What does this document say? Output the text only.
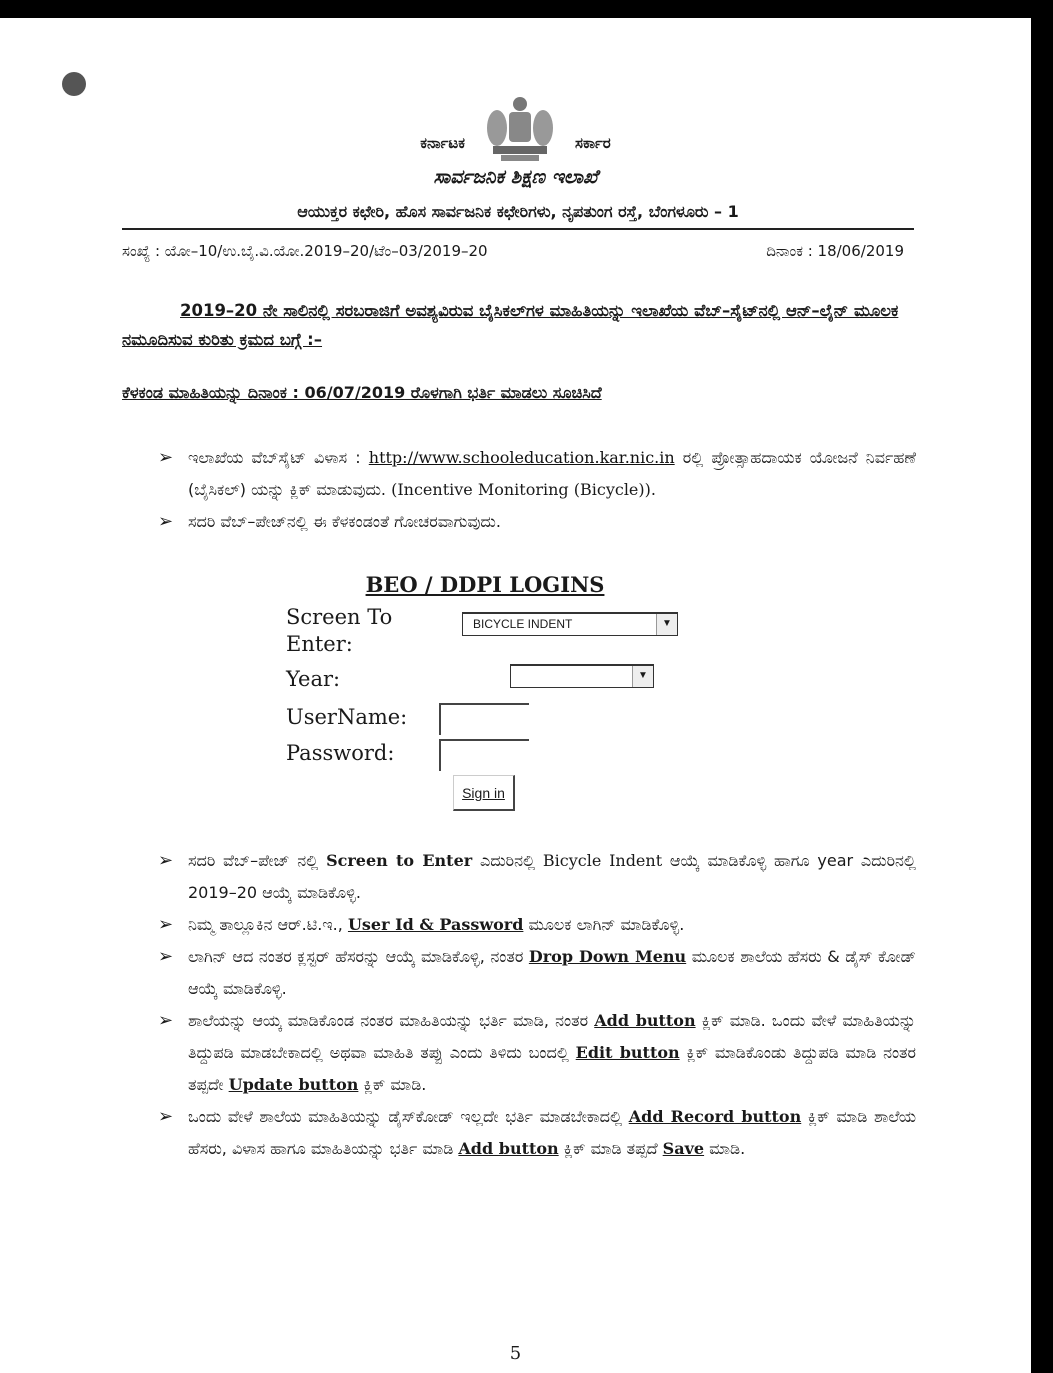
ಕರ್ನಾಟಕ	ಸರ್ಕಾರ
ಸಾರ್ವಜನಿಕ ಶಿಕ್ಷಣ ಇಲಾಖೆ
ಆಯುಕ್ತರ ಕಛೇರಿ, ಹೊಸ ಸಾರ್ವಜನಿಕ ಕಛೇರಿಗಳು, ನೃಪತುಂಗ ರಸ್ತೆ, ಬೆಂಗಳೂರು – 1
ಸಂಖ್ಯೆ : ಯೋ–10/ಉ.ಬೈ.ವಿ.ಯೋ.2019–20/ಟೆಂ–03/2019–20	ದಿನಾಂಕ : 18/06/2019
2019–20 ನೇ ಸಾಲಿನಲ್ಲಿ ಸರಬರಾಜಿಗೆ ಅವಶ್ಯವಿರುವ ಬೈಸಿಕಲ್‌ಗಳ ಮಾಹಿತಿಯನ್ನು ಇಲಾಖೆಯ ವೆಬ್–ಸೈಟ್‌ನಲ್ಲಿ ಆನ್–ಲೈನ್ ಮೂಲಕ ನಮೂದಿಸುವ ಕುರಿತು ಕ್ರಮದ ಬಗ್ಗೆ :–
ಕೆಳಕಂಡ ಮಾಹಿತಿಯನ್ನು ದಿನಾಂಕ : 06/07/2019 ರೊಳಗಾಗಿ ಭರ್ತಿ ಮಾಡಲು ಸೂಚಿಸಿದೆ
➢ ಇಲಾಖೆಯ ವೆಬ್‌ಸೈಟ್ ವಿಳಾಸ : http://www.schooleducation.kar.nic.in ರಲ್ಲಿ ಪ್ರೋತ್ಸಾಹದಾಯಕ ಯೋಜನೆ ನಿರ್ವಹಣೆ (ಬೈಸಿಕಲ್) ಯನ್ನು ಕ್ಲಿಕ್ ಮಾಡುವುದು. (Incentive Monitoring (Bicycle)).
➢ ಸದರಿ ವೆಬ್–ಪೇಜ್‌ನಲ್ಲಿ ಈ ಕೆಳಕಂಡಂತೆ ಗೋಚರವಾಗುವುದು.
BEO / DDPI LOGINS
Screen To Enter:
BICYCLE INDENT	▼
Year:	▼
UserName:
Password:
Sign in
➢ ಸದರಿ ವೆಬ್–ಪೇಜ್ ನಲ್ಲಿ Screen to Enter ಎದುರಿನಲ್ಲಿ Bicycle Indent ಆಯ್ಕೆ ಮಾಡಿಕೊಳ್ಳಿ ಹಾಗೂ year ಎದುರಿನಲ್ಲಿ 2019–20 ಆಯ್ಕೆ ಮಾಡಿಕೊಳ್ಳಿ.
➢ ನಿಮ್ಮ ತಾಲ್ಲೂಕಿನ ಆರ್.ಟಿ.ಇ., User Id & Password ಮೂಲಕ ಲಾಗಿನ್ ಮಾಡಿಕೊಳ್ಳಿ.
➢ ಲಾಗಿನ್ ಆದ ನಂತರ ಕ್ಲಸ್ಟರ್ ಹೆಸರನ್ನು ಆಯ್ಕೆ ಮಾಡಿಕೊಳ್ಳಿ, ನಂತರ Drop Down Menu ಮೂಲಕ ಶಾಲೆಯ ಹೆಸರು & ಡೈಸ್ ಕೋಡ್ ಆಯ್ಕೆ ಮಾಡಿಕೊಳ್ಳಿ.
➢ ಶಾಲೆಯನ್ನು ಆಯ್ಕ ಮಾಡಿಕೊಂಡ ನಂತರ ಮಾಹಿತಿಯನ್ನು ಭರ್ತಿ ಮಾಡಿ, ನಂತರ Add button ಕ್ಲಿಕ್ ಮಾಡಿ. ಒಂದು ವೇಳೆ ಮಾಹಿತಿಯನ್ನು ತಿದ್ದುಪಡಿ ಮಾಡಬೇಕಾದಲ್ಲಿ ಅಥವಾ ಮಾಹಿತಿ ತಪ್ಪು ಎಂದು ತಿಳಿದು ಬಂದಲ್ಲಿ Edit button ಕ್ಲಿಕ್ ಮಾಡಿಕೊಂಡು ತಿದ್ದುಪಡಿ ಮಾಡಿ ನಂತರ ತಪ್ಪದೇ Update button ಕ್ಲಿಕ್ ಮಾಡಿ.
➢ ಒಂದು ವೇಳೆ ಶಾಲೆಯ ಮಾಹಿತಿಯನ್ನು ಡೈಸ್‌ಕೋಡ್ ಇಲ್ಲದೇ ಭರ್ತಿ ಮಾಡಬೇಕಾದಲ್ಲಿ Add Record button ಕ್ಲಿಕ್ ಮಾಡಿ ಶಾಲೆಯ ಹೆಸರು, ವಿಳಾಸ ಹಾಗೂ ಮಾಹಿತಿಯನ್ನು ಭರ್ತಿ ಮಾಡಿ Add button ಕ್ಲಿಕ್ ಮಾಡಿ ತಪ್ಪದೆ Save ಮಾಡಿ.
5
